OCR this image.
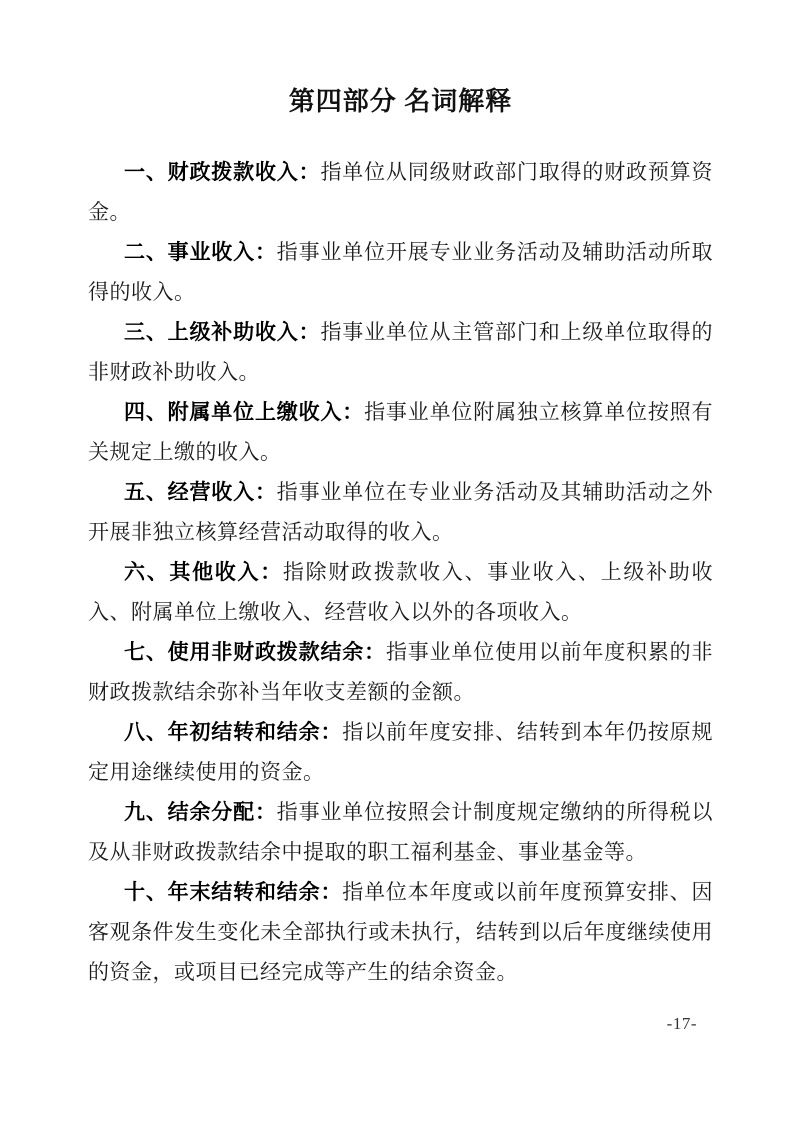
第四部分 名词解释

一、财政拨款收入：指单位从同级财政部门取得的财政预算资金。

二、事业收入：指事业单位开展专业业务活动及辅助活动所取得的收入。

三、上级补助收入：指事业单位从主管部门和上级单位取得的非财政补助收入。

四、附属单位上缴收入：指事业单位附属独立核算单位按照有关规定上缴的收入。

五、经营收入：指事业单位在专业业务活动及其辅助活动之外开展非独立核算经营活动取得的收入。

六、其他收入：指除财政拨款收入、事业收入、上级补助收入、附属单位上缴收入、经营收入以外的各项收入。

七、使用非财政拨款结余：指事业单位使用以前年度积累的非财政拨款结余弥补当年收支差额的金额。

八、年初结转和结余：指以前年度安排、结转到本年仍按原规定用途继续使用的资金。

九、结余分配：指事业单位按照会计制度规定缴纳的所得税以及从非财政拨款结余中提取的职工福利基金、事业基金等。

十、年末结转和结余：指单位本年度或以前年度预算安排、因客观条件发生变化未全部执行或未执行，结转到以后年度继续使用的资金，或项目已经完成等产生的结余资金。

-17-
